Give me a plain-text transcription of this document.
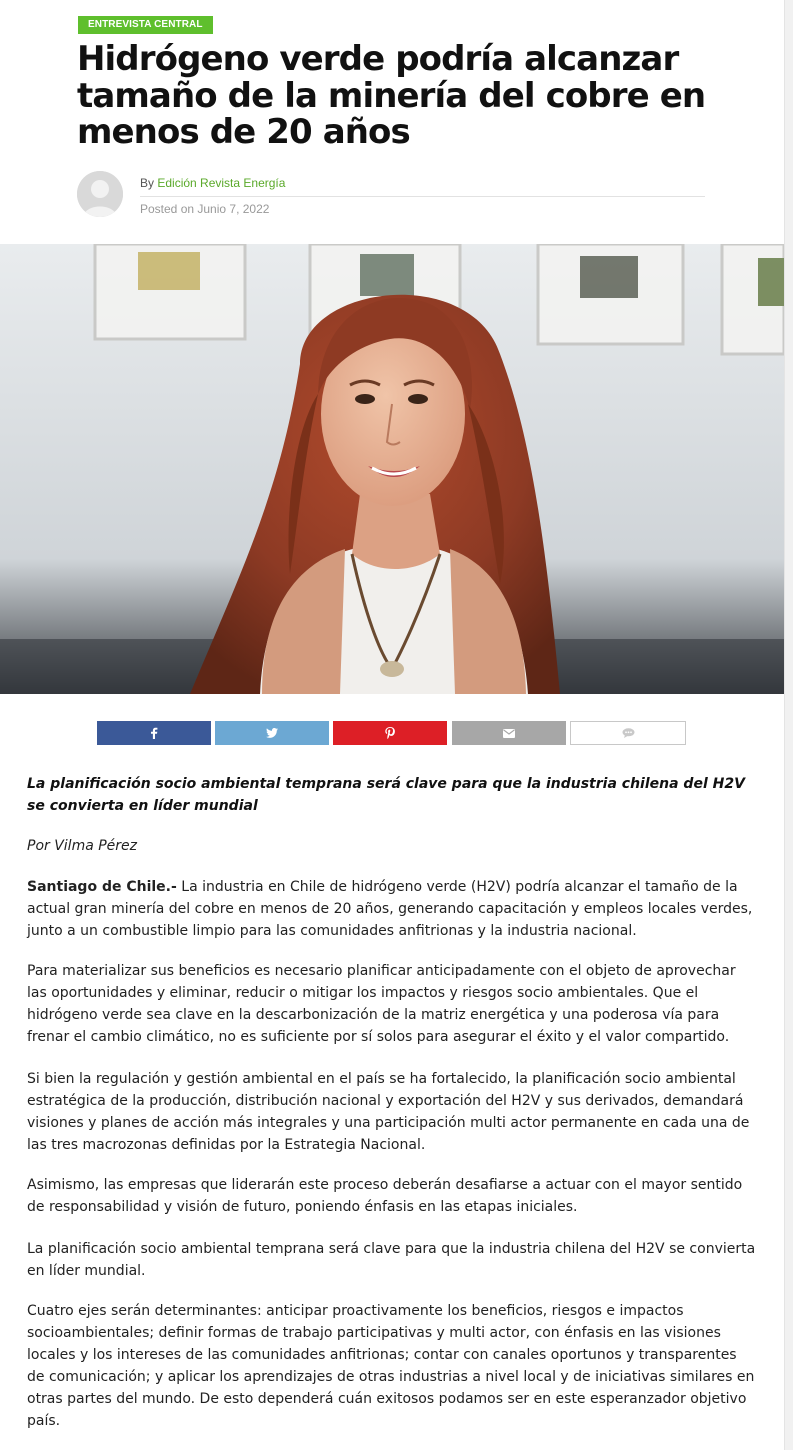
ENTREVISTA CENTRAL
Hidrógeno verde podría alcanzar tamaño de la minería del cobre en menos de 20 años
By Edición Revista Energía
Posted on Junio 7, 2022

La planificación socio ambiental temprana será clave para que la industria chilena del H2V se convierta en líder mundial

Por Vilma Pérez

Santiago de Chile.- La industria en Chile de hidrógeno verde (H2V) podría alcanzar el tamaño de la actual gran minería del cobre en menos de 20 años, generando capacitación y empleos locales verdes, junto a un combustible limpio para las comunidades anfitrionas y la industria nacional.

Para materializar sus beneficios es necesario planificar anticipadamente con el objeto de aprovechar las oportunidades y eliminar, reducir o mitigar los impactos y riesgos socio ambientales. Que el hidrógeno verde sea clave en la descarbonización de la matriz energética y una poderosa vía para frenar el cambio climático, no es suficiente por sí solos para asegurar el éxito y el valor compartido.

Si bien la regulación y gestión ambiental en el país se ha fortalecido, la planificación socio ambiental estratégica de la producción, distribución nacional y exportación del H2V y sus derivados, demandará visiones y planes de acción más integrales y una participación multi actor permanente en cada una de las tres macrozonas definidas por la Estrategia Nacional.

Asimismo, las empresas que liderarán este proceso deberán desafiarse a actuar con el mayor sentido de responsabilidad y visión de futuro, poniendo énfasis en las etapas iniciales.

La planificación socio ambiental temprana será clave para que la industria chilena del H2V se convierta en líder mundial.

Cuatro ejes serán determinantes: anticipar proactivamente los beneficios, riesgos e impactos socioambientales; definir formas de trabajo participativas y multi actor, con énfasis en las visiones locales y los intereses de las comunidades anfitrionas; contar con canales oportunos y transparentes de comunicación; y aplicar los aprendizajes de otras industrias a nivel local y de iniciativas similares en otras partes del mundo. De esto dependerá cuán exitosos podamos ser en este esperanzador objetivo país.
